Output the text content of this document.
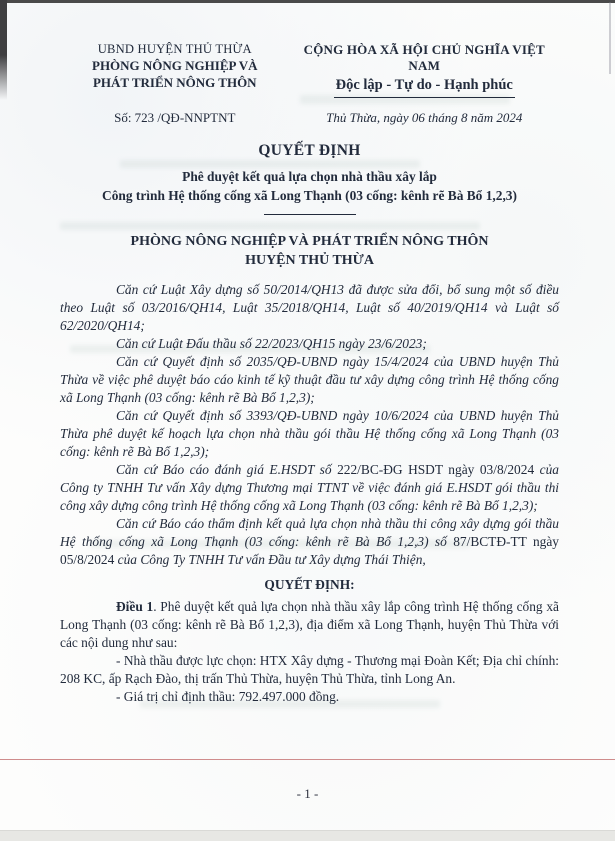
UBND HUYỆN THỦ THỪA
PHÒNG NÔNG NGHIỆP VÀ
PHÁT TRIỂN NÔNG THÔN
CỘNG HÒA XÃ HỘI CHỦ NGHĨA VIỆT NAM
Độc lập - Tự do - Hạnh phúc
Số: 723 /QĐ-NNPTNT	Thủ Thừa, ngày 06 tháng 8 năm 2024
QUYẾT ĐỊNH
Phê duyệt kết quả lựa chọn nhà thầu xây lắp
Công trình Hệ thống cống xã Long Thạnh (03 cống: kênh rẽ Bà Bổ 1,2,3)
PHÒNG NÔNG NGHIỆP VÀ PHÁT TRIỂN NÔNG THÔN
HUYỆN THỦ THỪA

Căn cứ Luật Xây dựng số 50/2014/QH13 đã được sửa đổi, bổ sung một số điều theo Luật số 03/2016/QH14, Luật 35/2018/QH14, Luật số 40/2019/QH14 và Luật số 62/2020/QH14;

Căn cứ Luật Đấu thầu số 22/2023/QH15 ngày 23/6/2023;

Căn cứ Quyết định số 2035/QĐ-UBND ngày 15/4/2024 của UBND huyện Thủ Thừa về việc phê duyệt báo cáo kinh tế kỹ thuật đầu tư xây dựng công trình Hệ thống cống xã Long Thạnh (03 cống: kênh rẽ Bà Bổ 1,2,3);

Căn cứ Quyết định số 3393/QĐ-UBND ngày 10/6/2024 của UBND huyện Thủ Thừa phê duyệt kế hoạch lựa chọn nhà thầu gói thầu Hệ thống cống xã Long Thạnh (03 cống: kênh rẽ Bà Bổ 1,2,3);

Căn cứ Báo cáo đánh giá E.HSDT số 222/BC-ĐG HSDT ngày 03/8/2024 của Công ty TNHH Tư vấn Xây dựng Thương mại TTNT về việc đánh giá E.HSDT gói thầu thi công xây dựng công trình Hệ thống cống xã Long Thạnh (03 cống: kênh rẽ Bà Bổ 1,2,3);

Căn cứ Báo cáo thẩm định kết quả lựa chọn nhà thầu thi công xây dựng gói thầu Hệ thống cống xã Long Thạnh (03 cống: kênh rẽ Bà Bổ 1,2,3) số 87/BCTĐ-TT ngày 05/8/2024 của Công Ty TNHH Tư vấn Đầu tư Xây dựng Thái Thiện,

QUYẾT ĐỊNH:

Điều 1. Phê duyệt kết quả lựa chọn nhà thầu xây lắp công trình Hệ thống cống xã Long Thạnh (03 cống: kênh rẽ Bà Bổ 1,2,3), địa điểm xã Long Thạnh, huyện Thủ Thừa với các nội dung như sau:

- Nhà thầu được lực chọn: HTX Xây dựng - Thương mại Đoàn Kết; Địa chỉ chính: 208 KC, ấp Rạch Đào, thị trấn Thủ Thừa, huyện Thủ Thừa, tỉnh Long An.

- Giá trị chỉ định thầu: 792.497.000 đồng.

- 1 -
